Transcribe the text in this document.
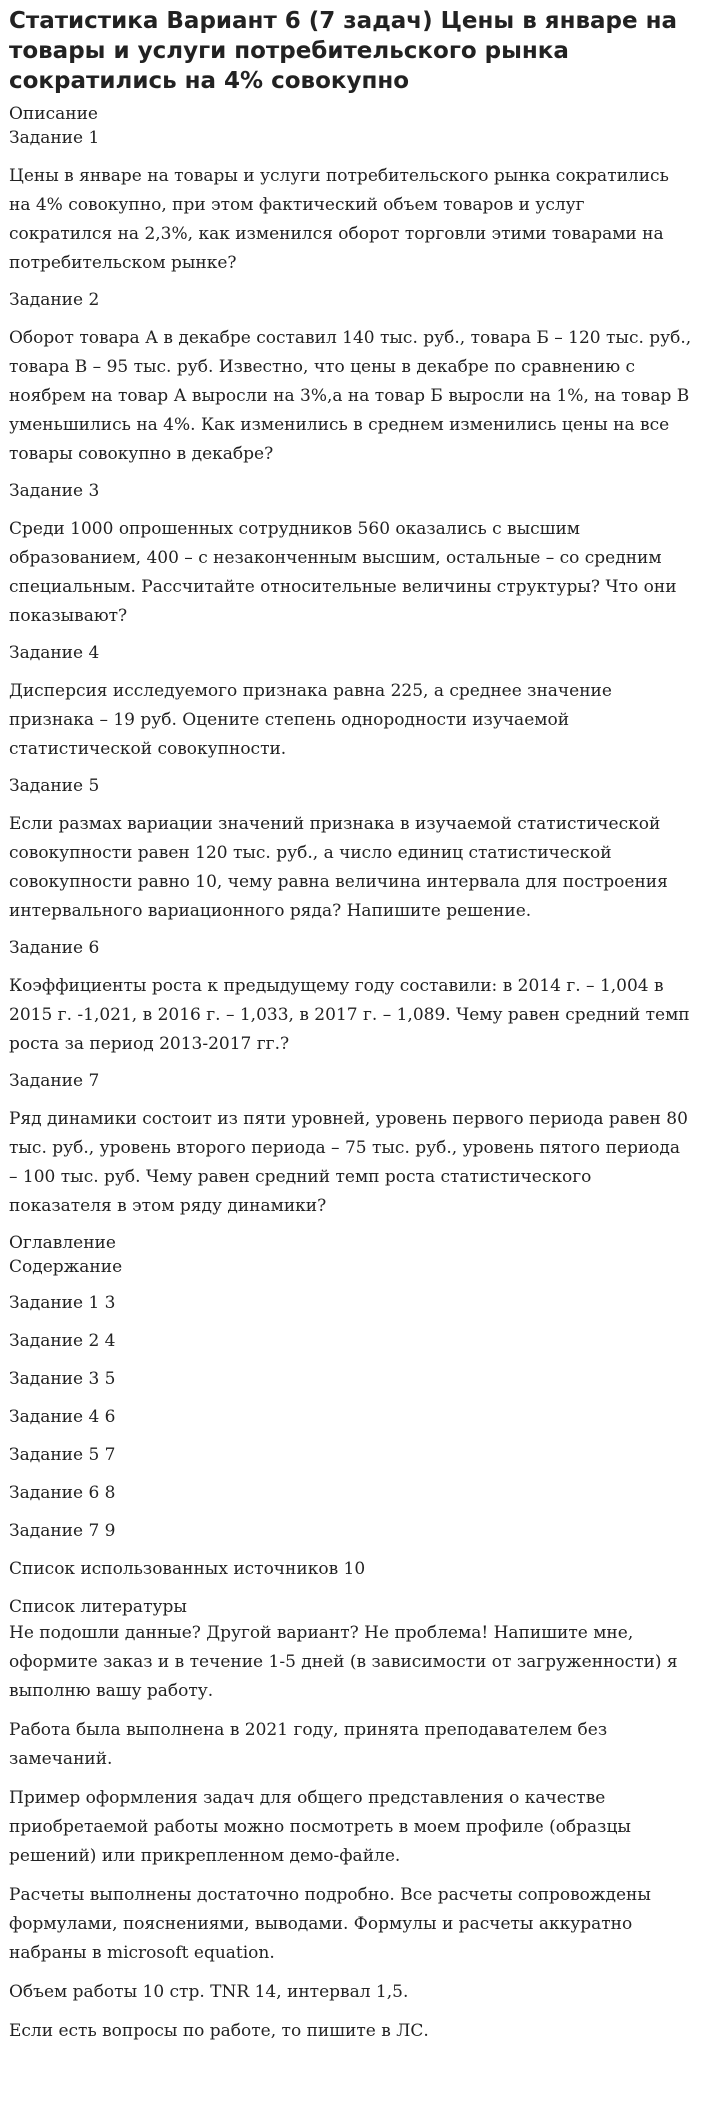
Статистика Вариант 6 (7 задач) Цены в январе на товары и услуги потребительского рынка сократились на 4% совокупно
Описание
Задание 1

Цены в январе на товары и услуги потребительского рынка сократились на 4% совокупно, при этом фактический объем товаров и услуг сократился на 2,3%, как изменился оборот торговли этими товарами на потребительском рынке?

Задание 2

Оборот товара А в декабре составил 140 тыс. руб., товара Б – 120 тыс. руб., товара В – 95 тыс. руб. Известно, что цены в декабре по сравнению с ноябрем на товар А выросли на 3%,а на товар Б выросли на 1%, на товар В уменьшились на 4%. Как изменились в среднем изменились цены на все товары совокупно в декабре?

Задание 3

Среди 1000 опрошенных сотрудников 560 оказались с высшим образованием, 400 – с незаконченным высшим, остальные – со средним специальным. Рассчитайте относительные величины структуры? Что они показывают?

Задание 4

Дисперсия исследуемого признака равна 225, а среднее значение признака – 19 руб. Оцените степень однородности изучаемой статистической совокупности.

Задание 5

Если размах вариации значений признака в изучаемой статистической совокупности равен 120 тыс. руб., а число единиц статистической совокупности равно 10, чему равна величина интервала для построения интервального вариационного ряда? Напишите решение.

Задание 6

Коэффициенты роста к предыдущему году составили: в 2014 г. – 1,004 в 2015 г. -1,021, в 2016 г. – 1,033, в 2017 г. – 1,089. Чему равен средний темп роста за период 2013-2017 гг.?

Задание 7

Ряд динамики состоит из пяти уровней, уровень первого периода равен 80 тыс. руб., уровень второго периода – 75 тыс. руб., уровень пятого периода – 100 тыс. руб. Чему равен средний темп роста статистического показателя в этом ряду динамики?

Оглавление
Содержание
Задание 1 3
Задание 2 4
Задание 3 5
Задание 4 6
Задание 5 7
Задание 6 8
Задание 7 9
Список использованных источников 10
Список литературы

Не подошли данные? Другой вариант? Не проблема! Напишите мне, оформите заказ и в течение 1-5 дней (в зависимости от загруженности) я выполню вашу работу.

Работа была выполнена в 2021 году, принята преподавателем без замечаний.

Пример оформления задач для общего представления о качестве приобретаемой работы можно посмотреть в моем профиле (образцы решений) или прикрепленном демо-файле.

Расчеты выполнены достаточно подробно. Все расчеты сопровождены формулами, пояснениями, выводами. Формулы и расчеты аккуратно набраны в microsoft equation.

Объем работы 10 стр. TNR 14, интервал 1,5.

Если есть вопросы по работе, то пишите в ЛС.
